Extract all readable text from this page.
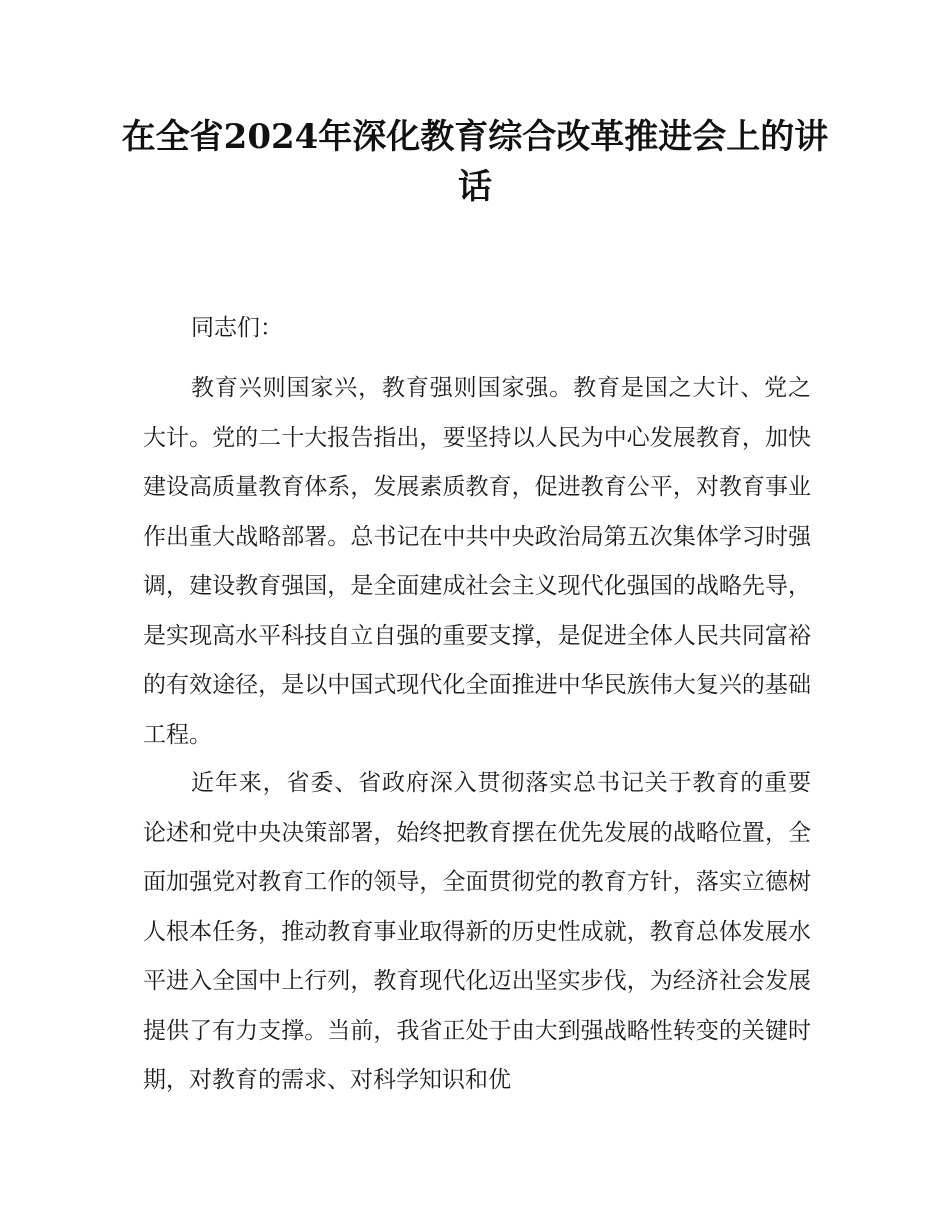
在全省2024年深化教育综合改革推进会上的讲话

同志们：

教育兴则国家兴，教育强则国家强。教育是国之大计、党之大计。党的二十大报告指出，要坚持以人民为中心发展教育，加快建设高质量教育体系，发展素质教育，促进教育公平，对教育事业作出重大战略部署。总书记在中共中央政治局第五次集体学习时强调，建设教育强国，是全面建成社会主义现代化强国的战略先导，是实现高水平科技自立自强的重要支撑，是促进全体人民共同富裕的有效途径，是以中国式现代化全面推进中华民族伟大复兴的基础工程。

近年来，省委、省政府深入贯彻落实总书记关于教育的重要论述和党中央决策部署，始终把教育摆在优先发展的战略位置，全面加强党对教育工作的领导，全面贯彻党的教育方针，落实立德树人根本任务，推动教育事业取得新的历史性成就，教育总体发展水平进入全国中上行列，教育现代化迈出坚实步伐，为经济社会发展提供了有力支撑。当前，我省正处于由大到强战略性转变的关键时期，对教育的需求、对科学知识和优
